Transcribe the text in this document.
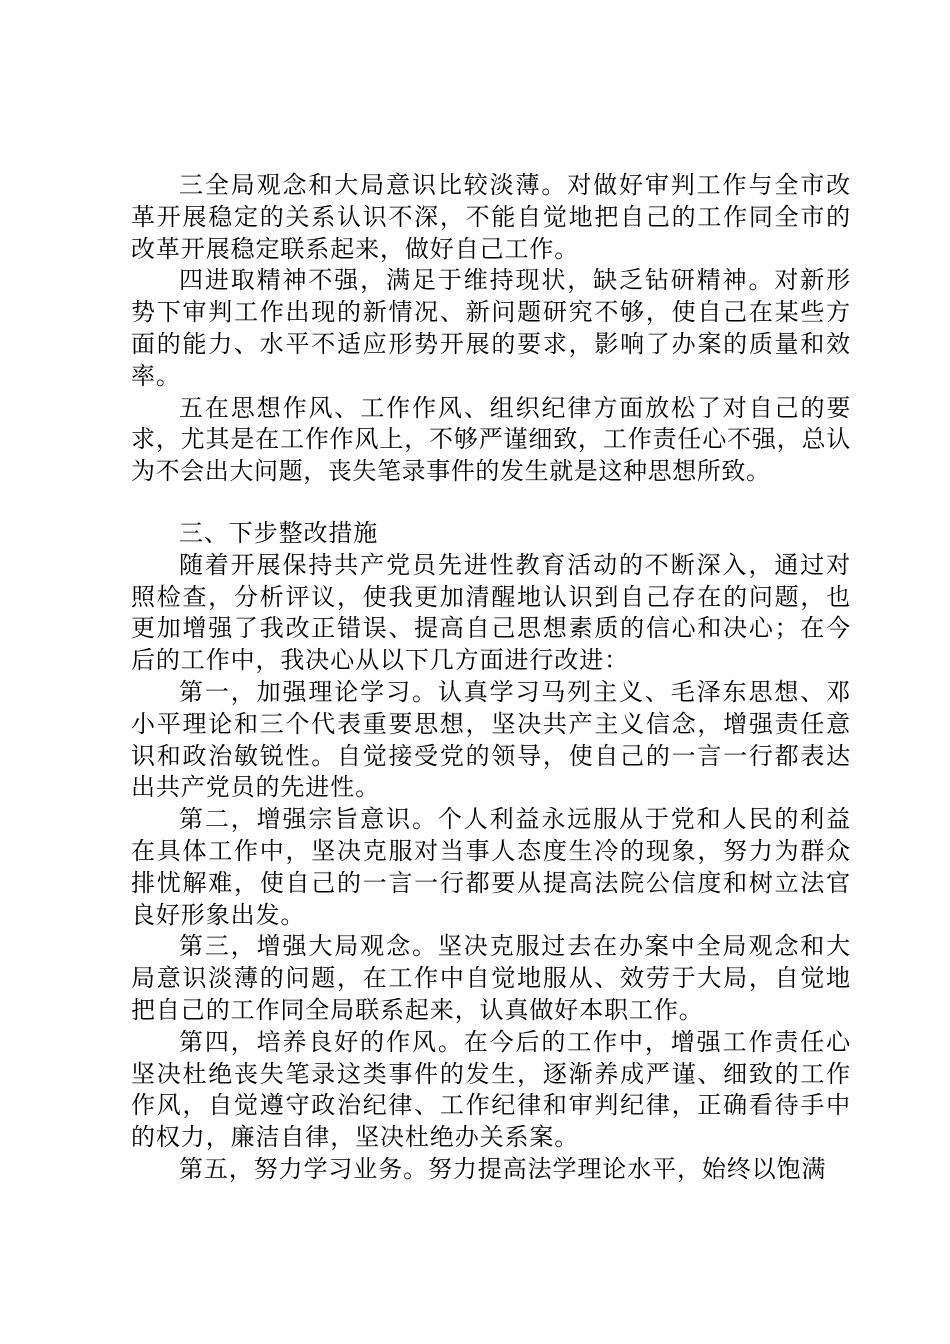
三全局观念和大局意识比较淡薄。对做好审判工作与全市改革开展稳定的关系认识不深，不能自觉地把自己的工作同全市的改革开展稳定联系起来，做好自己工作。

四进取精神不强，满足于维持现状，缺乏钻研精神。对新形势下审判工作出现的新情况、新问题研究不够，使自己在某些方面的能力、水平不适应形势开展的要求，影响了办案的质量和效率。

五在思想作风、工作作风、组织纪律方面放松了对自己的要求，尤其是在工作作风上，不够严谨细致，工作责任心不强，总认为不会出大问题，丧失笔录事件的发生就是这种思想所致。

三、下步整改措施

随着开展保持共产党员先进性教育活动的不断深入，通过对照检查，分析评议，使我更加清醒地认识到自己存在的问题，也更加增强了我改正错误、提高自己思想素质的信心和决心；在今后的工作中，我决心从以下几方面进行改进：

第一，加强理论学习。认真学习马列主义、毛泽东思想、邓小平理论和三个代表重要思想，坚决共产主义信念，增强责任意识和政治敏锐性。自觉接受党的领导，使自己的一言一行都表达出共产党员的先进性。

第二，增强宗旨意识。个人利益永远服从于党和人民的利益在具体工作中，坚决克服对当事人态度生冷的现象，努力为群众排忧解难，使自己的一言一行都要从提高法院公信度和树立法官良好形象出发。

第三，增强大局观念。坚决克服过去在办案中全局观念和大局意识淡薄的问题，在工作中自觉地服从、效劳于大局，自觉地把自己的工作同全局联系起来，认真做好本职工作。

第四，培养良好的作风。在今后的工作中，增强工作责任心坚决杜绝丧失笔录这类事件的发生，逐渐养成严谨、细致的工作作风，自觉遵守政治纪律、工作纪律和审判纪律，正确看待手中的权力，廉洁自律，坚决杜绝办关系案。

第五，努力学习业务。努力提高法学理论水平，始终以饱满
